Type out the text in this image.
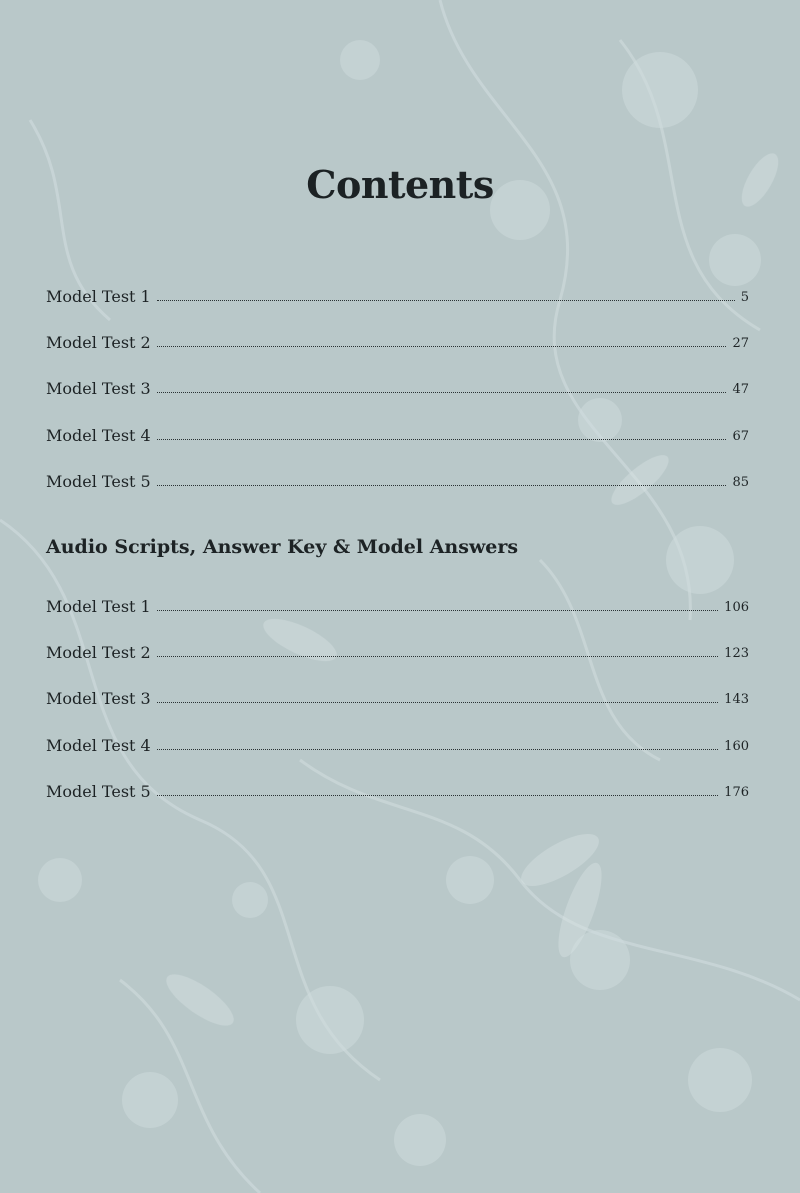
Contents
Model Test 1	5
Model Test 2	27
Model Test 3	47
Model Test 4	67
Model Test 5	85
Audio Scripts, Answer Key & Model Answers
Model Test 1	106
Model Test 2	123
Model Test 3	143
Model Test 4	160
Model Test 5	176
